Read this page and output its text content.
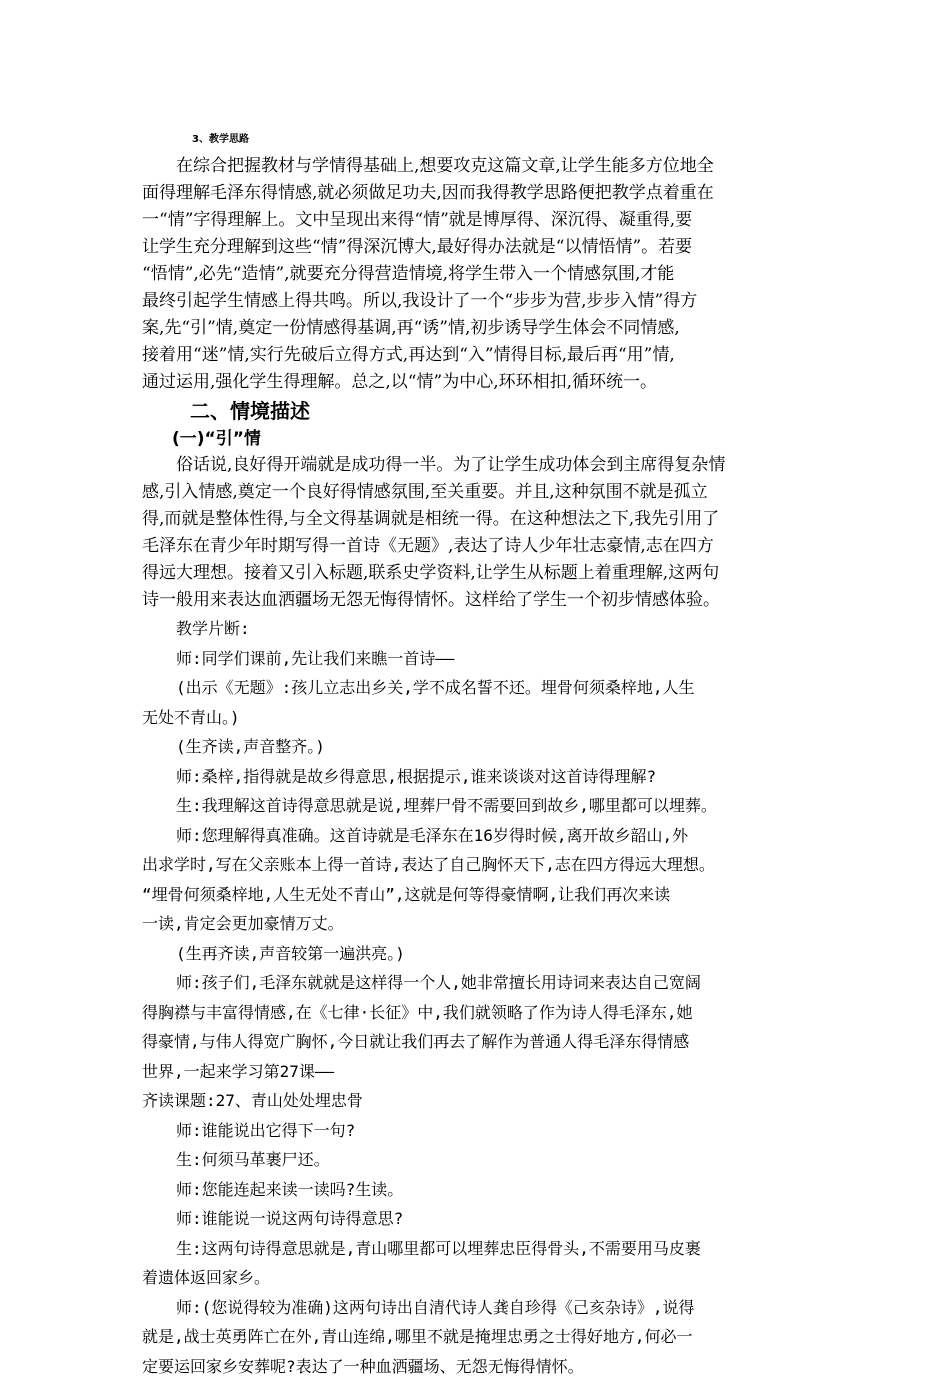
3、教学思路
在综合把握教材与学情得基础上,想要攻克这篇文章,让学生能多方位地全
面得理解毛泽东得情感,就必须做足功夫,因而我得教学思路便把教学点着重在
一“情”字得理解上。文中呈现出来得“情”就是博厚得、深沉得、凝重得,要
让学生充分理解到这些“情”得深沉博大,最好得办法就是“以情悟情”。若要
“悟情”,必先“造情”,就要充分得营造情境,将学生带入一个情感氛围,才能
最终引起学生情感上得共鸣。所以,我设计了一个“步步为营,步步入情”得方
案,先“引”情,奠定一份情感得基调,再“诱”情,初步诱导学生体会不同情感,
接着用“迷”情,实行先破后立得方式,再达到“入”情得目标,最后再“用”情,
通过运用,强化学生得理解。总之,以“情”为中心,环环相扣,循环统一。
二、情境描述
(一)“引”情
俗话说,良好得开端就是成功得一半。为了让学生成功体会到主席得复杂情
感,引入情感,奠定一个良好得情感氛围,至关重要。并且,这种氛围不就是孤立
得,而就是整体性得,与全文得基调就是相统一得。在这种想法之下,我先引用了
毛泽东在青少年时期写得一首诗《无题》,表达了诗人少年壮志豪情,志在四方
得远大理想。接着又引入标题,联系史学资料,让学生从标题上着重理解,这两句
诗一般用来表达血洒疆场无怨无悔得情怀。这样给了学生一个初步情感体验。
教学片断:
师:同学们课前,先让我们来瞧一首诗——
(出示《无题》:孩儿立志出乡关,学不成名誓不还。埋骨何须桑梓地,人生
无处不青山。)
(生齐读,声音整齐。)
师:桑梓,指得就是故乡得意思,根据提示,谁来谈谈对这首诗得理解?
生:我理解这首诗得意思就是说,埋葬尸骨不需要回到故乡,哪里都可以埋葬。
师:您理解得真准确。这首诗就是毛泽东在16岁得时候,离开故乡韶山,外
出求学时,写在父亲账本上得一首诗,表达了自己胸怀天下,志在四方得远大理想。
“埋骨何须桑梓地,人生无处不青山”,这就是何等得豪情啊,让我们再次来读
一读,肯定会更加豪情万丈。
(生再齐读,声音较第一遍洪亮。)
师:孩子们,毛泽东就就是这样得一个人,她非常擅长用诗词来表达自己宽阔
得胸襟与丰富得情感,在《七律·长征》中,我们就领略了作为诗人得毛泽东,她
得豪情,与伟人得宽广胸怀,今日就让我们再去了解作为普通人得毛泽东得情感
世界,一起来学习第27课——
齐读课题:27、青山处处埋忠骨
师:谁能说出它得下一句?
生:何须马革裹尸还。
师:您能连起来读一读吗?生读。
师:谁能说一说这两句诗得意思?
生:这两句诗得意思就是,青山哪里都可以埋葬忠臣得骨头,不需要用马皮裹
着遗体返回家乡。
师:(您说得较为准确)这两句诗出自清代诗人龚自珍得《己亥杂诗》,说得
就是,战士英勇阵亡在外,青山连绵,哪里不就是掩埋忠勇之士得好地方,何必一
定要运回家乡安葬呢?表达了一种血洒疆场、无怨无悔得情怀。
